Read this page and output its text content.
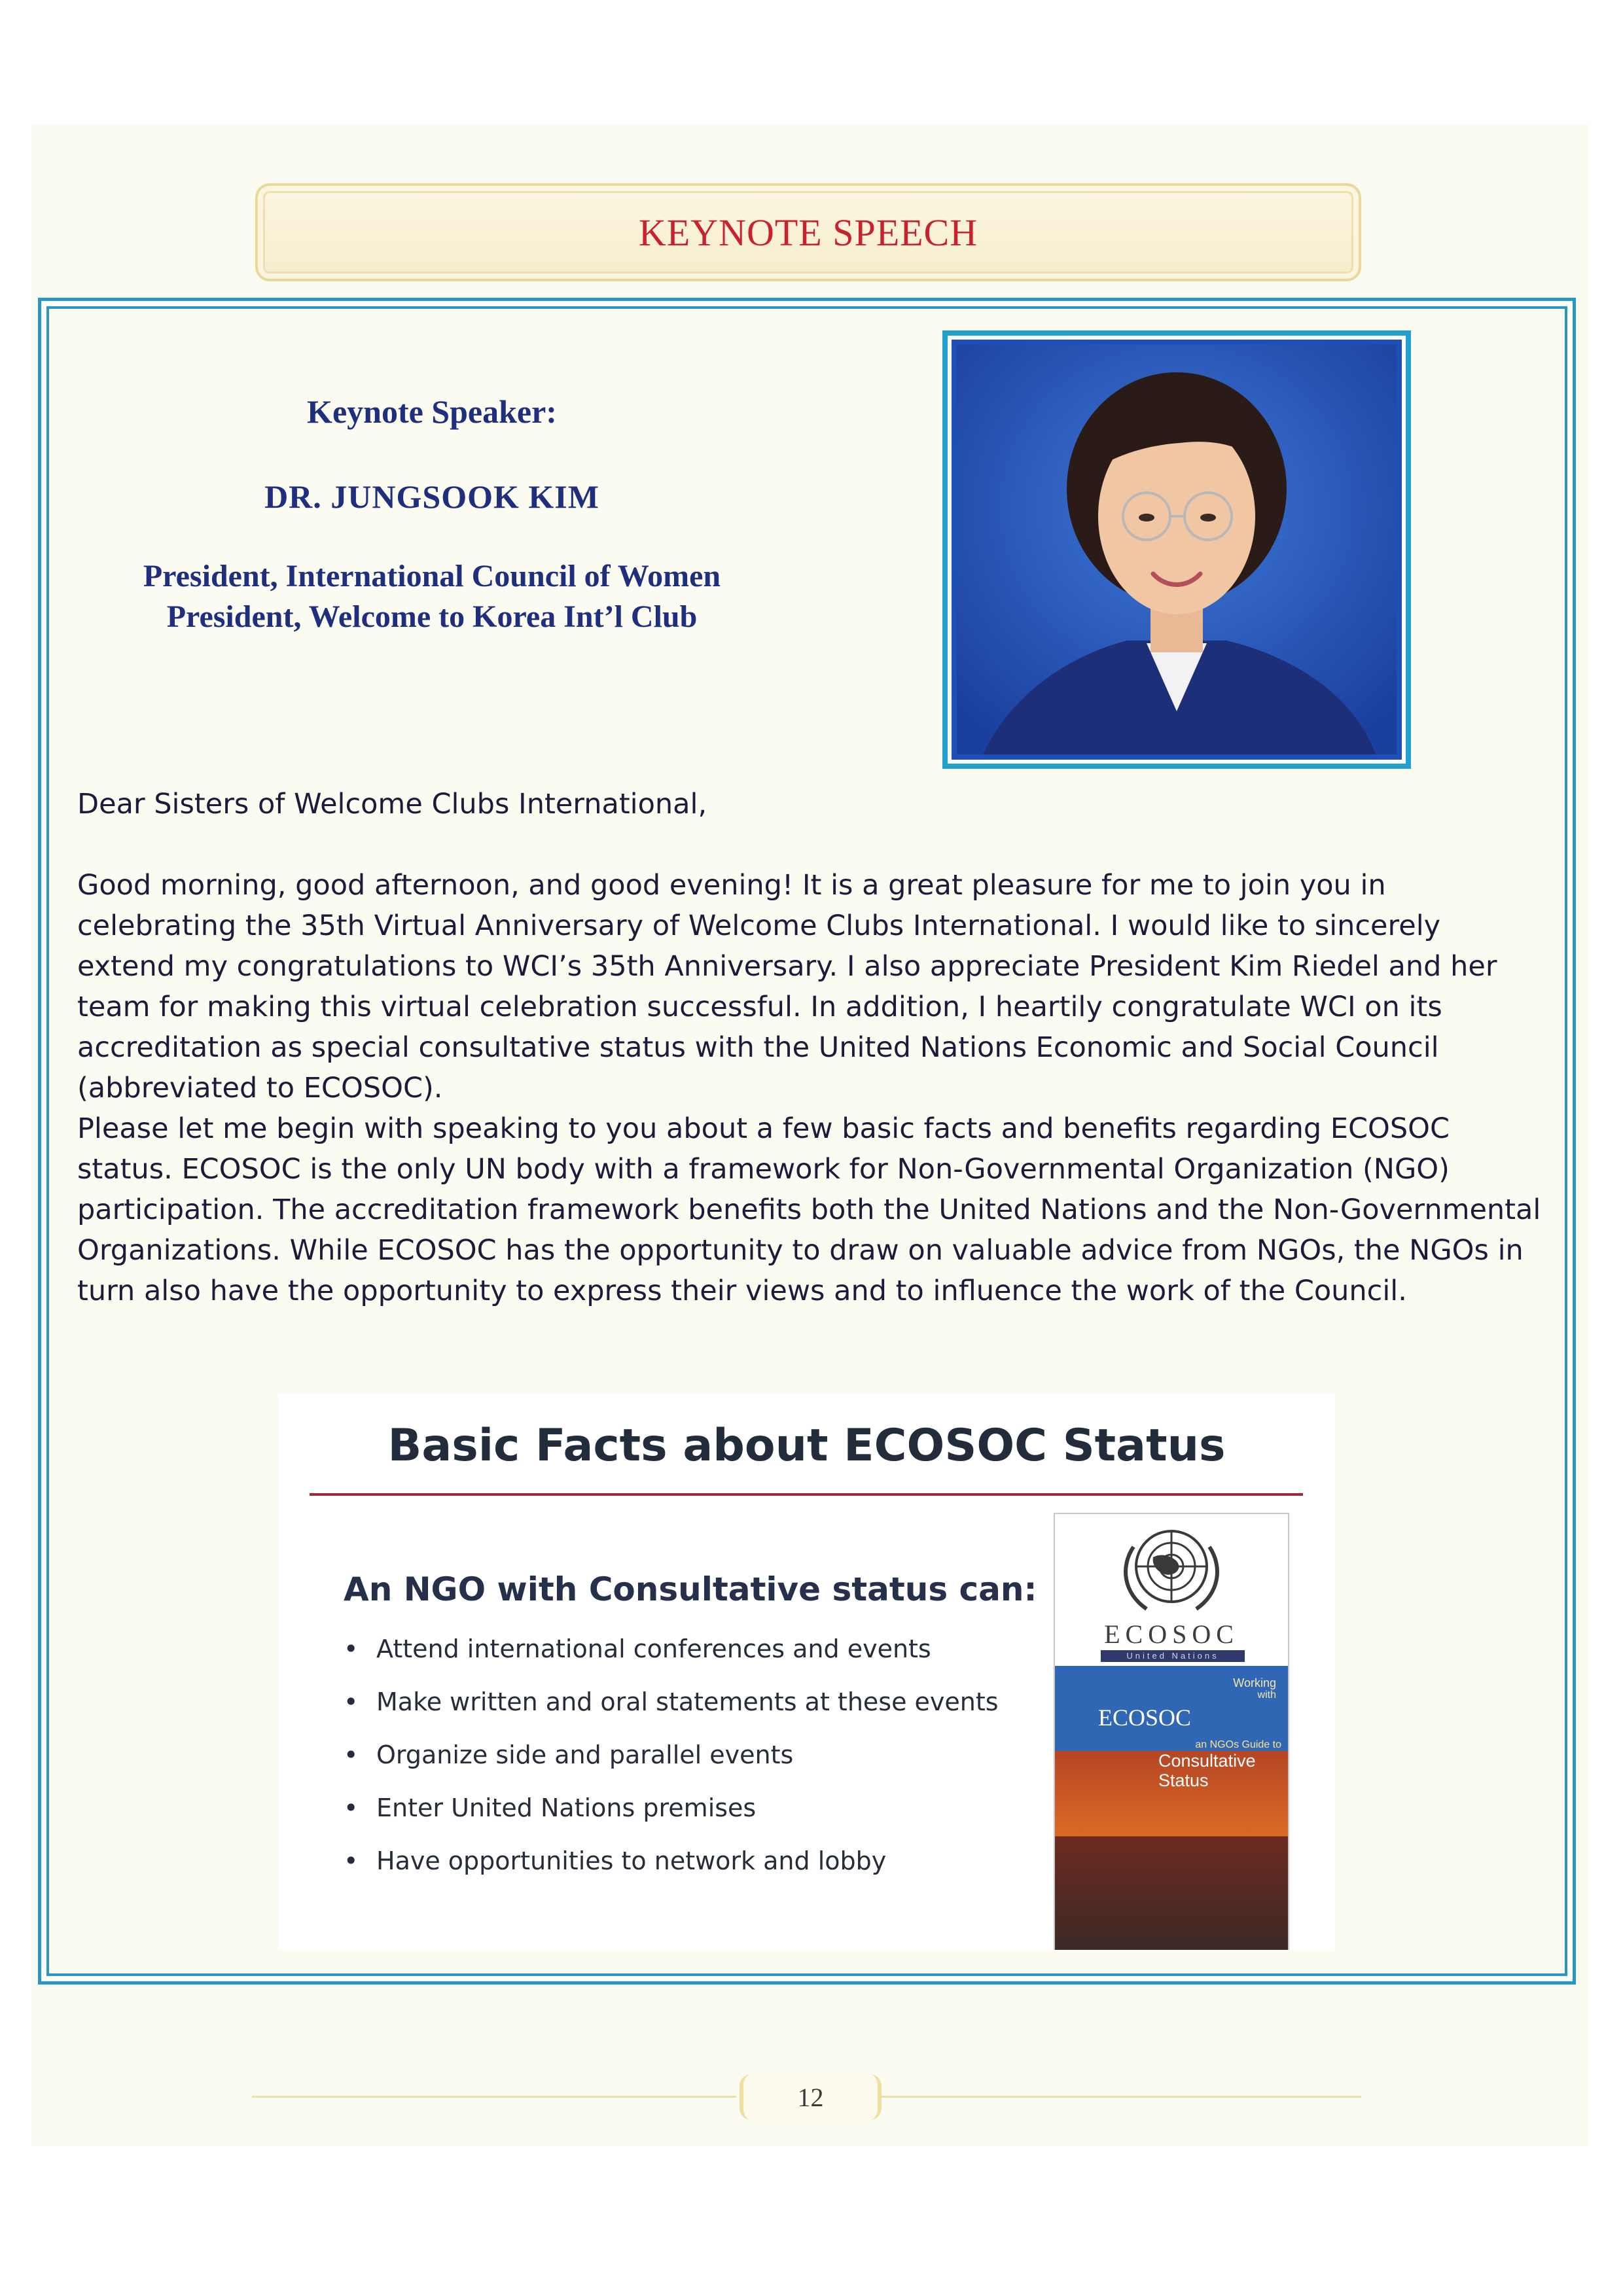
KEYNOTE SPEECH

Keynote Speaker:

DR. JUNGSOOK KIM

President, International Council of Women

President, Welcome to Korea Int’l Club

Dear Sisters of Welcome Clubs International,

Good morning, good afternoon, and good evening! It is a great pleasure for me to join you in celebrating the 35th Virtual Anniversary of Welcome Clubs International. I would like to sincerely extend my congratulations to WCI’s 35th Anniversary. I also appreciate President Kim Riedel and her team for making this virtual celebration successful. In addition, I heartily congratulate WCI on its accreditation as special consultative status with the United Nations Economic and Social Council (abbreviated to ECOSOC).

Please let me begin with speaking to you about a few basic facts and benefits regarding ECOSOC status. ECOSOC is the only UN body with a framework for Non-Governmental Organization (NGO) participation. The accreditation framework benefits both the United Nations and the Non-Governmental Organizations. While ECOSOC has the opportunity to draw on valuable advice from NGOs, the NGOs in turn also have the opportunity to express their views and to influence the work of the Council.

Basic Facts about ECOSOC Status
An NGO with Consultative status can:
• Attend international conferences and events
• Make written and oral statements at these events
• Organize side and parallel events
• Enter United Nations premises
• Have opportunities to network and lobby
ECOSOC
United Nations
Working
with
ECOSOC
an NGOs Guide to
Consultative Status
12
